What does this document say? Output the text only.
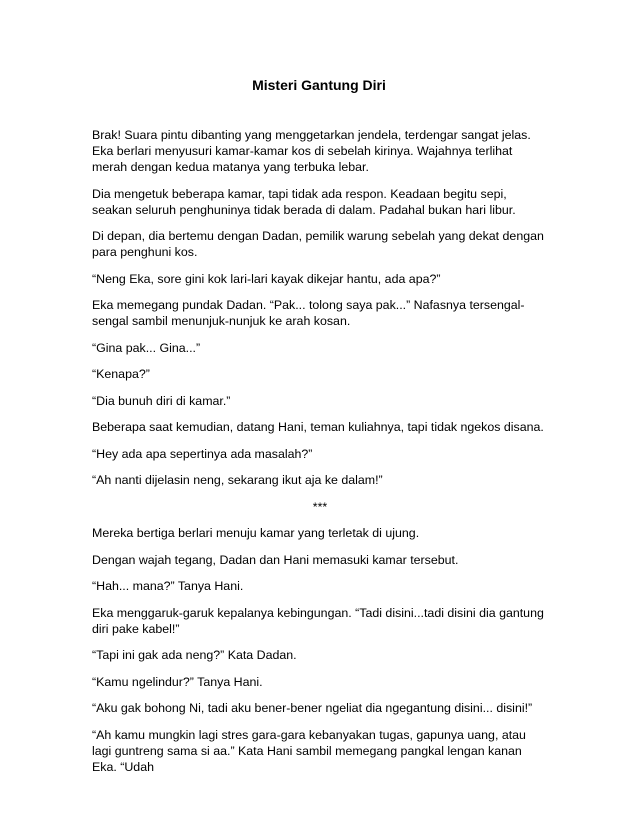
Misteri Gantung Diri

Brak! Suara pintu dibanting yang menggetarkan jendela, terdengar sangat jelas. Eka berlari menyusuri kamar-kamar kos di sebelah kirinya. Wajahnya terlihat merah dengan kedua matanya yang terbuka lebar.

Dia mengetuk beberapa kamar, tapi tidak ada respon. Keadaan begitu sepi, seakan seluruh penghuninya tidak berada di dalam. Padahal bukan hari libur.

Di depan, dia bertemu dengan Dadan, pemilik warung sebelah yang dekat dengan para penghuni kos.

“Neng Eka, sore gini kok lari-lari kayak dikejar hantu, ada apa?”

Eka memegang pundak Dadan. “Pak... tolong saya pak...” Nafasnya tersengal-sengal sambil menunjuk-nunjuk ke arah kosan.

“Gina pak... Gina...”

“Kenapa?”

“Dia bunuh diri di kamar.”

Beberapa saat kemudian, datang Hani, teman kuliahnya, tapi tidak ngekos disana.

“Hey ada apa sepertinya ada masalah?”

“Ah nanti dijelasin neng, sekarang ikut aja ke dalam!”

***

Mereka bertiga berlari menuju kamar yang terletak di ujung.

Dengan wajah tegang, Dadan dan Hani memasuki kamar tersebut.

“Hah... mana?” Tanya Hani.

Eka menggaruk-garuk kepalanya kebingungan. “Tadi disini...tadi disini dia gantung diri pake kabel!”

“Tapi ini gak ada neng?” Kata Dadan.

“Kamu ngelindur?” Tanya Hani.

“Aku gak bohong Ni, tadi aku bener-bener ngeliat dia ngegantung disini... disini!”

“Ah kamu mungkin lagi stres gara-gara kebanyakan tugas, gapunya uang, atau lagi guntreng sama si aa.” Kata Hani sambil memegang pangkal lengan kanan Eka. “Udah
